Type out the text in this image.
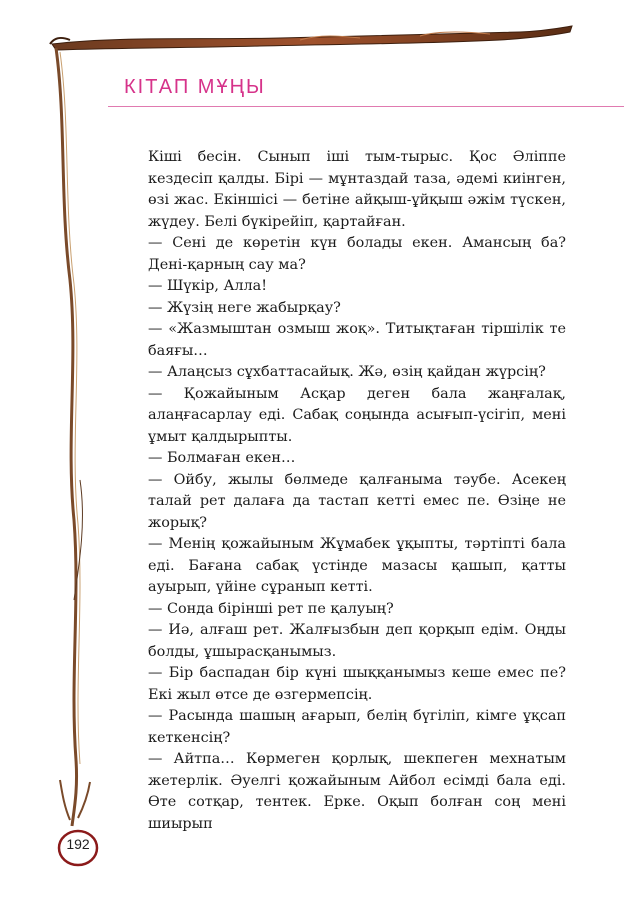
КІТАП МҰҢЫ

Кіші бесін. Сынып іші тым-тырыс. Қос Әліппе кездесіп қалды. Бірі — мұнтаздай таза, әдемі киінген, өзі жас. Екіншісі — бетіне айқыш-ұйқыш әжім түскен, жүдеу. Белі бүкірейіп, қартайған.

— Сені де көретін күн болады екен. Амансың ба? Дені-қарның сау ма?

— Шүкір, Алла!

— Жүзің неге жабырқау?

— «Жазмыштан озмыш жоқ». Титықтаған тіршілік те баяғы…

— Алаңсыз сұхбаттасайық. Жә, өзің қайдан жүрсің?

— Қожайыным Асқар деген бала жаңғалақ, алаңғасарлау еді. Сабақ соңында асығып-үсігіп, мені ұмыт қалдырыпты.

— Болмаған екен…

— Ойбу, жылы бөлмеде қалғаныма тәубе. Асекең талай рет далаға да тастап кетті емес пе. Өзіңе не жорық?

— Менің қожайыным Жұмабек ұқыпты, тәртіпті бала еді. Бағана сабақ үстінде мазасы қашып, қатты ауырып, үйіне сұранып кетті.

— Сонда бірінші рет пе қалуың?

— Иә, алғаш рет. Жалғызбын деп қорқып едім. Оңды болды, ұшырасқанымыз.

— Бір баспадан бір күні шыққанымыз кеше емес пе? Екі жыл өтсе де өзгермепсің.

— Расында шашың ағарып, белің бүгіліп, кімге ұқсап кеткенсің?

— Айтпа… Көрмеген қорлық, шекпеген мехнатым жетерлік. Әуелгі қожайыным Айбол есімді бала еді. Өте сотқар, тентек. Ерке. Оқып болған соң мені шиырып

192
